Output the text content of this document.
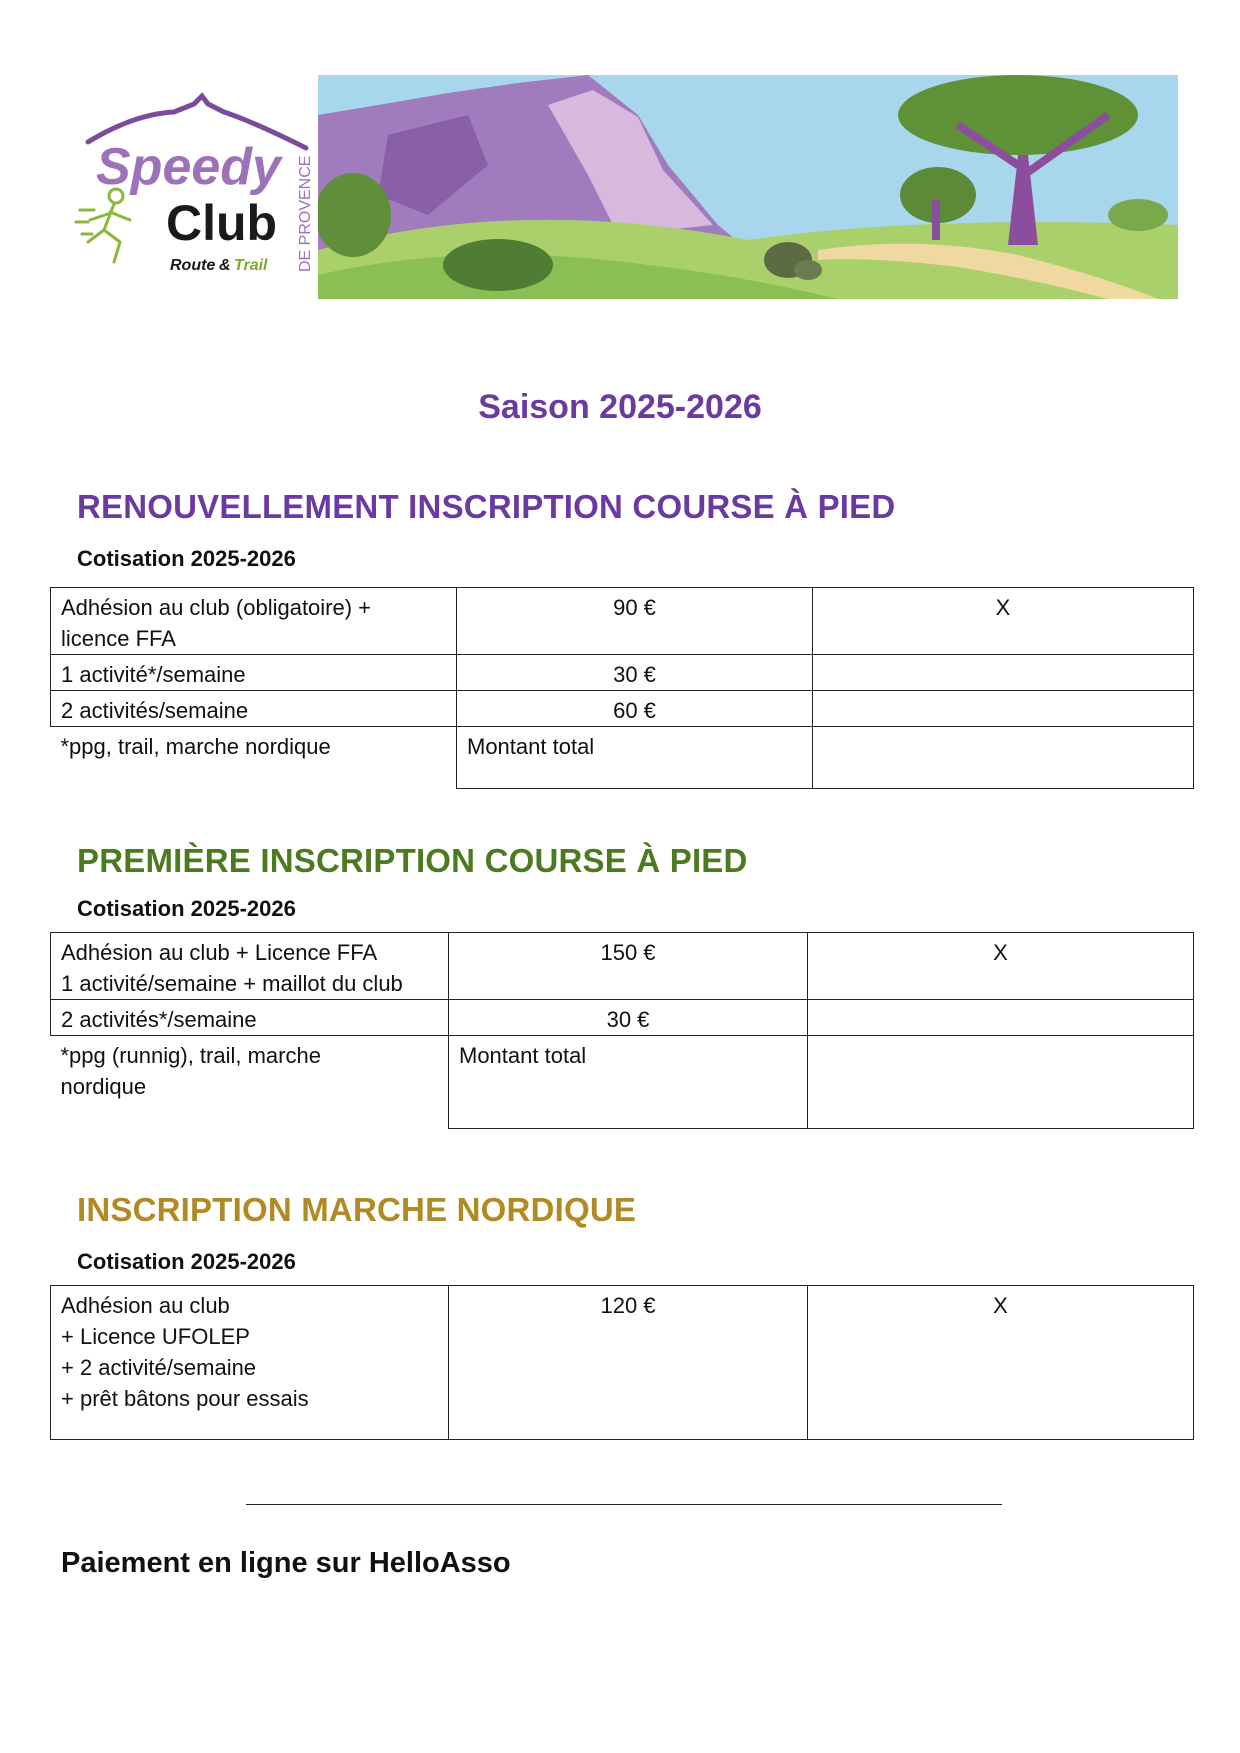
Speedy
Club
Route & Trail DE PROVENCE
Saison 2025-2026
RENOUVELLEMENT INSCRIPTION COURSE À PIED
Cotisation 2025-2026
Adhésion au club (obligatoire) +
licence FFA	90 €	X
1 activité*/semaine	30 €	
2 activités/semaine	60 €	
*ppg, trail, marche nordique	Montant total	
PREMIÈRE INSCRIPTION COURSE À PIED
Cotisation 2025-2026
Adhésion au club + Licence FFA
1 activité/semaine + maillot du club	150 €	X
2 activités*/semaine	30 €	
*ppg (runnig), trail, marche
nordique	Montant total	
INSCRIPTION MARCHE NORDIQUE
Cotisation 2025-2026
Adhésion au club
+ Licence UFOLEP
+ 2 activité/semaine
+ prêt bâtons pour essais	120 €	X
Paiement en ligne sur HelloAsso
